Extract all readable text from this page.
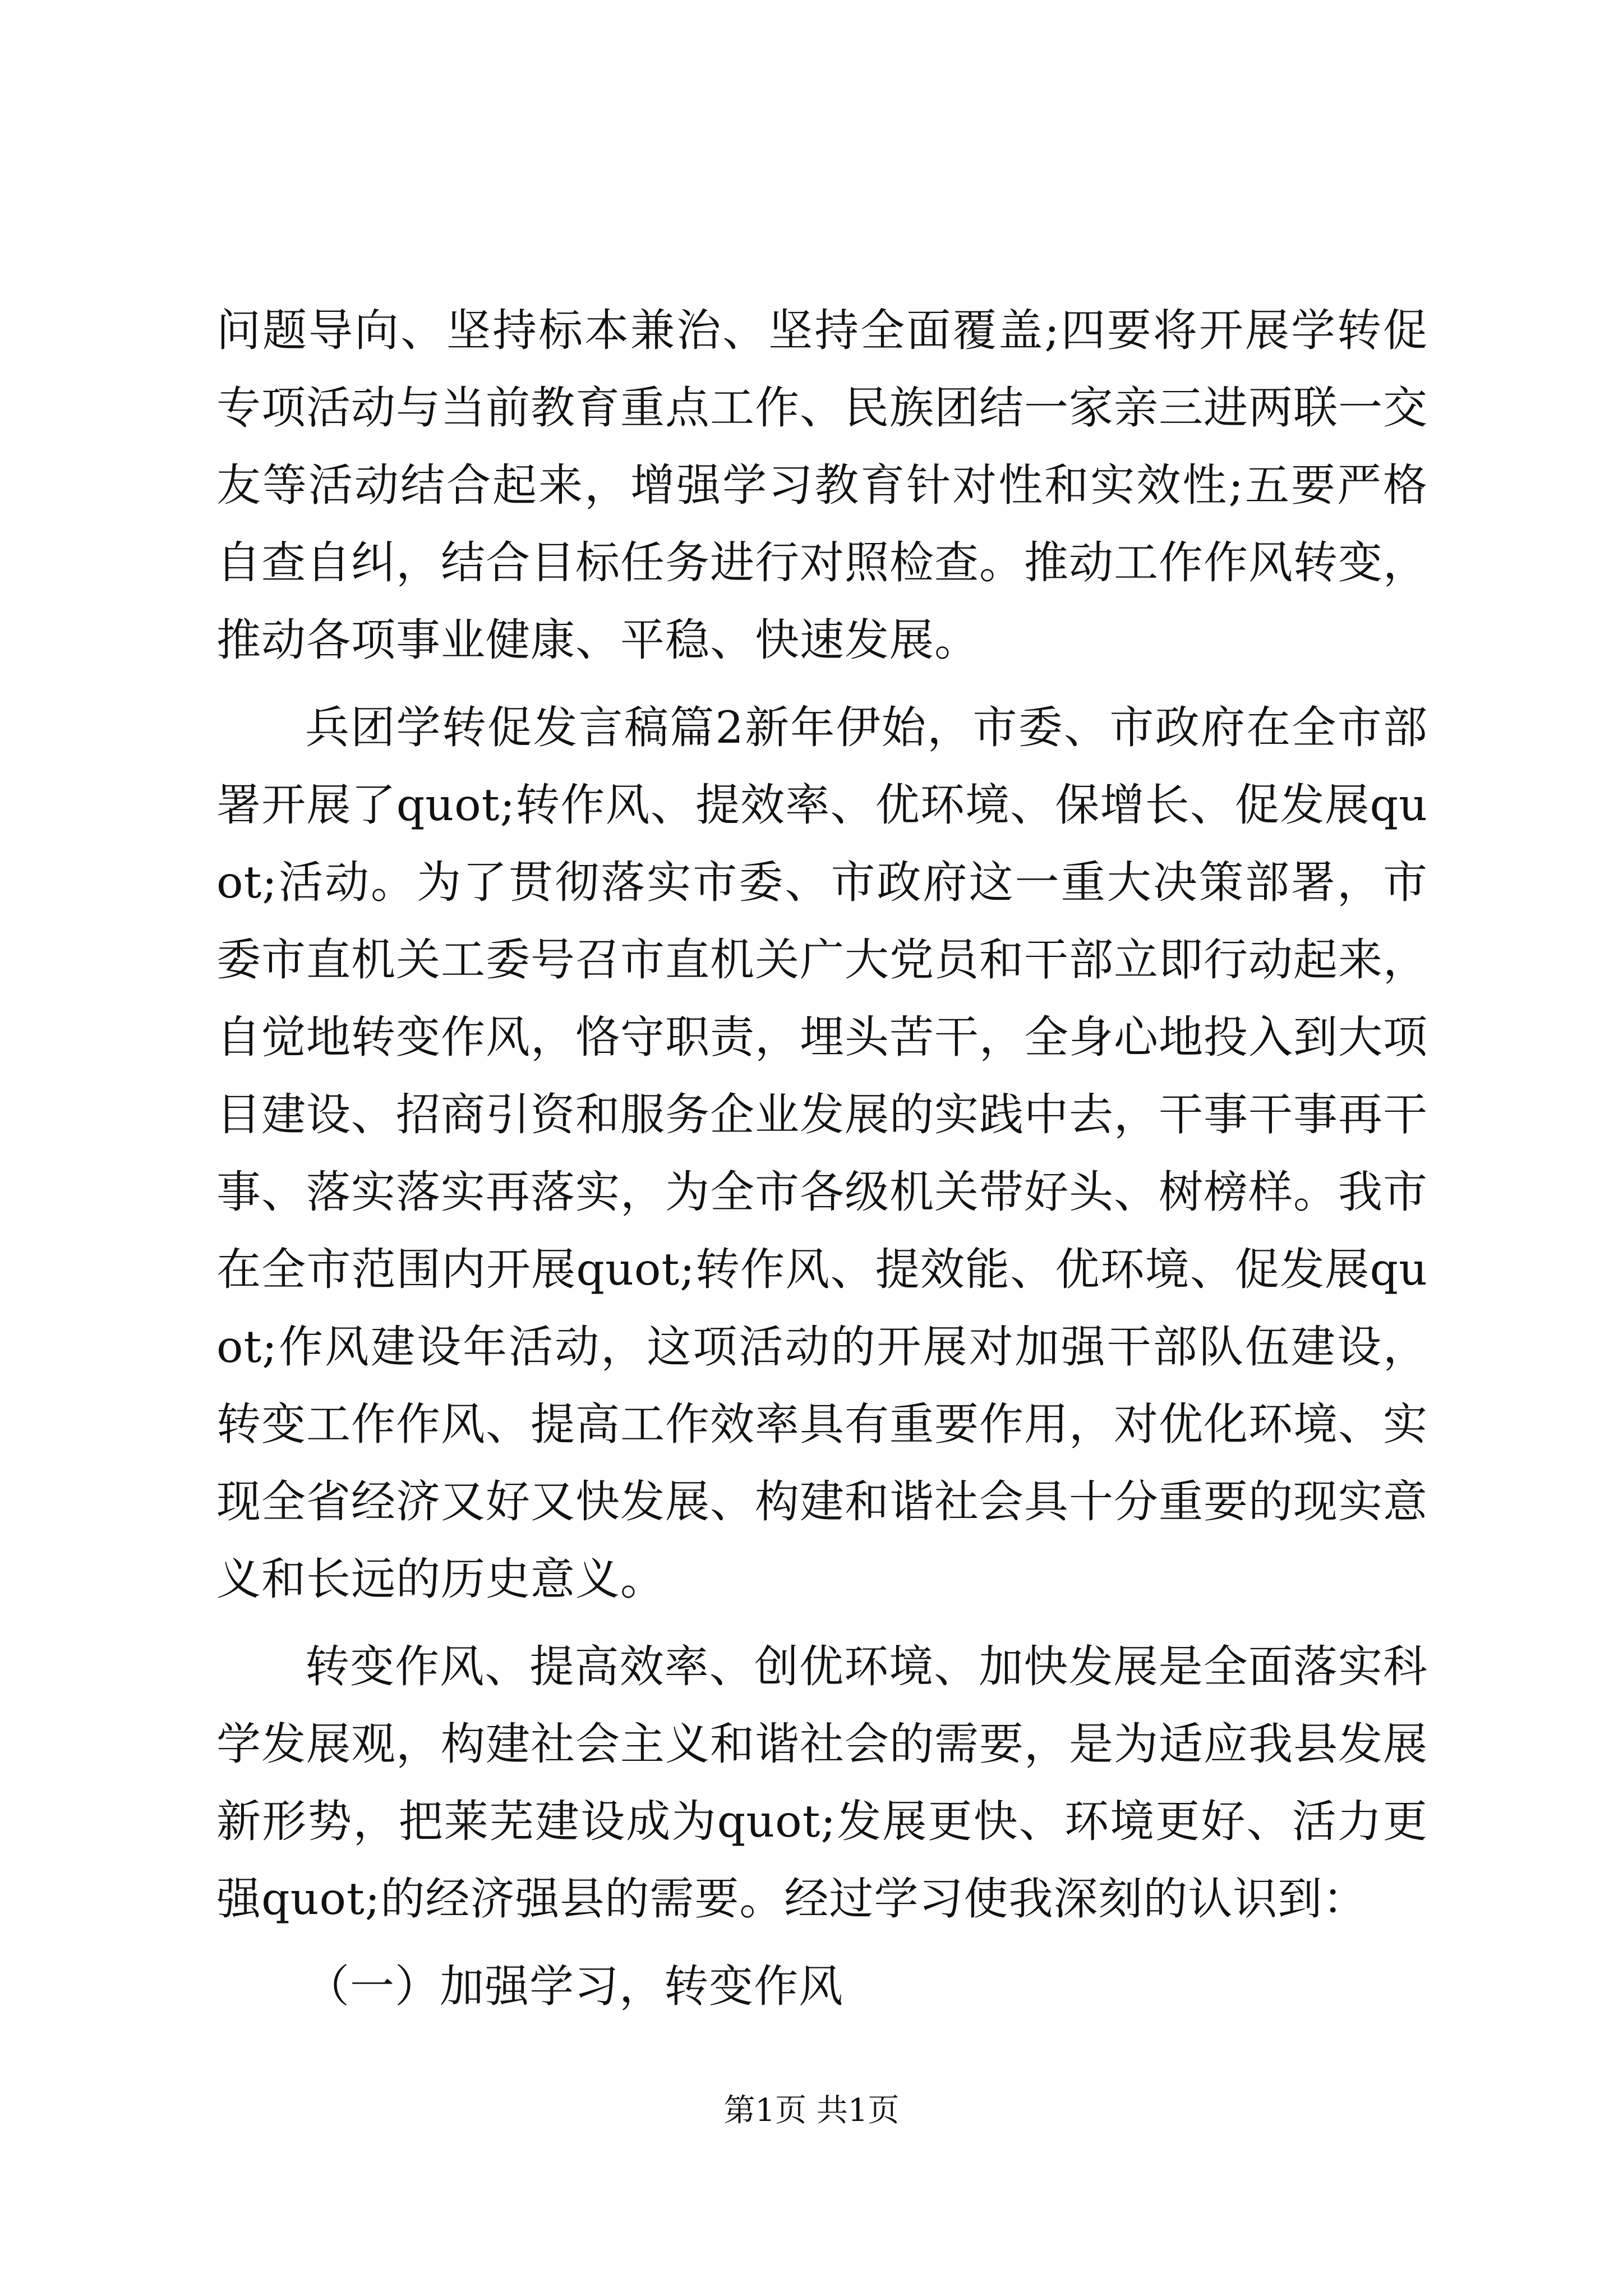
问题导向、坚持标本兼治、坚持全面覆盖;四要将开展学转促专项活动与当前教育重点工作、民族团结一家亲三进两联一交友等活动结合起来，增强学习教育针对性和实效性;五要严格自查自纠，结合目标任务进行对照检查。推动工作作风转变，推动各项事业健康、平稳、快速发展。

兵团学转促发言稿篇2新年伊始，市委、市政府在全市部署开展了quot;转作风、提效率、优环境、保增长、促发展quot;活动。为了贯彻落实市委、市政府这一重大决策部署，市委市直机关工委号召市直机关广大党员和干部立即行动起来，自觉地转变作风，恪守职责，埋头苦干，全身心地投入到大项目建设、招商引资和服务企业发展的实践中去，干事干事再干事、落实落实再落实，为全市各级机关带好头、树榜样。我市在全市范围内开展quot;转作风、提效能、优环境、促发展quot;作风建设年活动，这项活动的开展对加强干部队伍建设，转变工作作风、提高工作效率具有重要作用，对优化环境、实现全省经济又好又快发展、构建和谐社会具十分重要的现实意义和长远的历史意义。

转变作风、提高效率、创优环境、加快发展是全面落实科学发展观，构建社会主义和谐社会的需要，是为适应我县发展新形势，把莱芜建设成为quot;发展更快、环境更好、活力更强quot;的经济强县的需要。经过学习使我深刻的认识到：

（一）加强学习，转变作风

第1页 共1页
